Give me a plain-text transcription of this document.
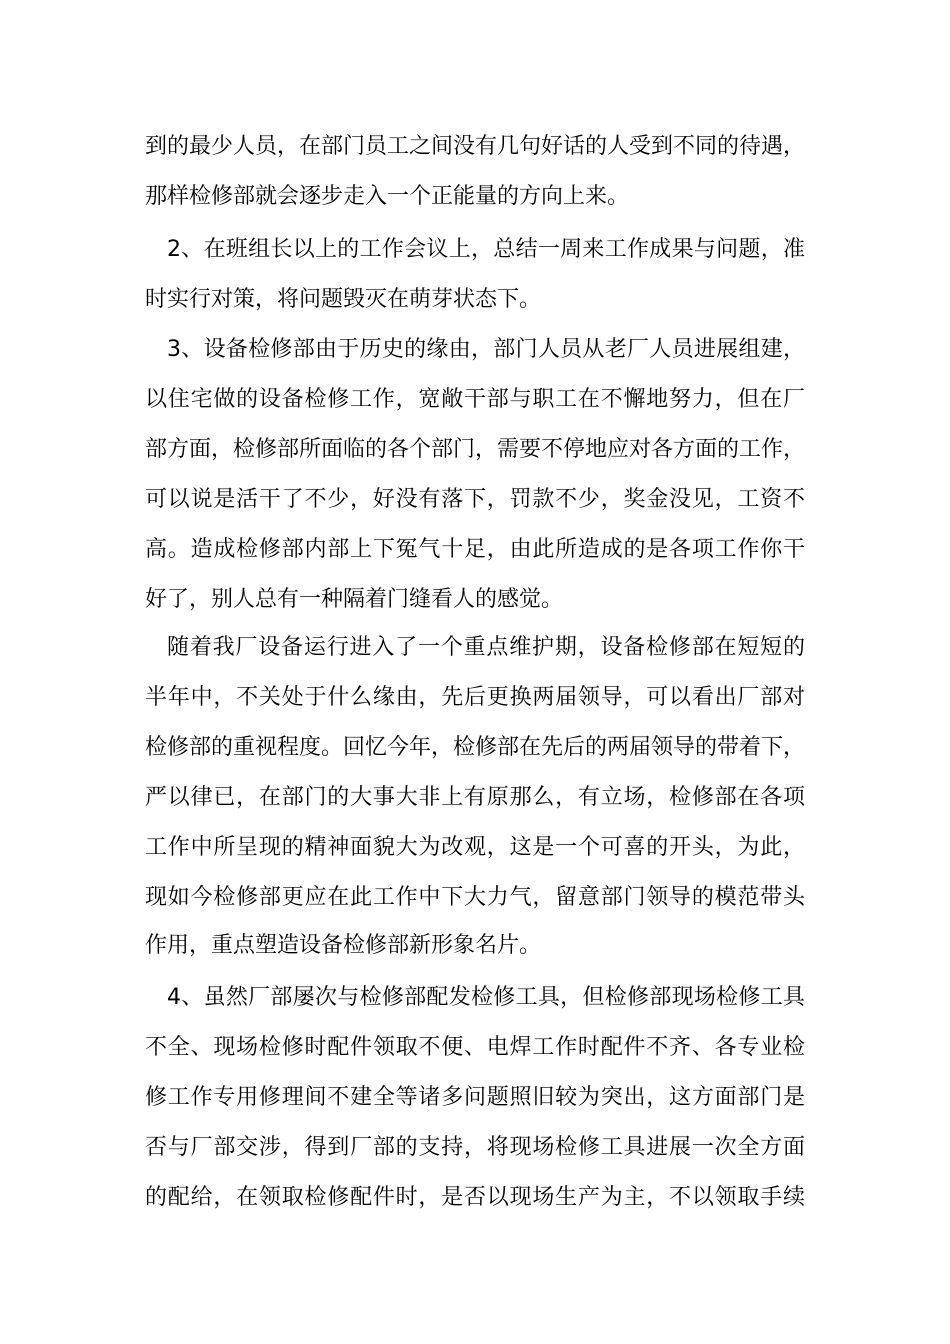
到的最少人员，在部门员工之间没有几句好话的人受到不同的待遇，
那样检修部就会逐步走入一个正能量的方向上来。
2、在班组长以上的工作会议上，总结一周来工作成果与问题，准
时实行对策，将问题毁灭在萌芽状态下。
3、设备检修部由于历史的缘由，部门人员从老厂人员进展组建，
以住宅做的设备检修工作，宽敞干部与职工在不懈地努力，但在厂
部方面，检修部所面临的各个部门，需要不停地应对各方面的工作，
可以说是活干了不少，好没有落下，罚款不少，奖金没见，工资不
高。造成检修部内部上下冤气十足，由此所造成的是各项工作你干
好了，别人总有一种隔着门缝看人的感觉。
随着我厂设备运行进入了一个重点维护期，设备检修部在短短的
半年中，不关处于什么缘由，先后更换两届领导，可以看出厂部对
检修部的重视程度。回忆今年，检修部在先后的两届领导的带着下，
严以律已，在部门的大事大非上有原那么，有立场，检修部在各项
工作中所呈现的精神面貌大为改观，这是一个可喜的开头，为此，
现如今检修部更应在此工作中下大力气，留意部门领导的模范带头
作用，重点塑造设备检修部新形象名片。
4、虽然厂部屡次与检修部配发检修工具，但检修部现场检修工具
不全、现场检修时配件领取不便、电焊工作时配件不齐、各专业检
修工作专用修理间不建全等诸多问题照旧较为突出，这方面部门是
否与厂部交涉，得到厂部的支持，将现场检修工具进展一次全方面
的配给，在领取检修配件时，是否以现场生产为主，不以领取手续
